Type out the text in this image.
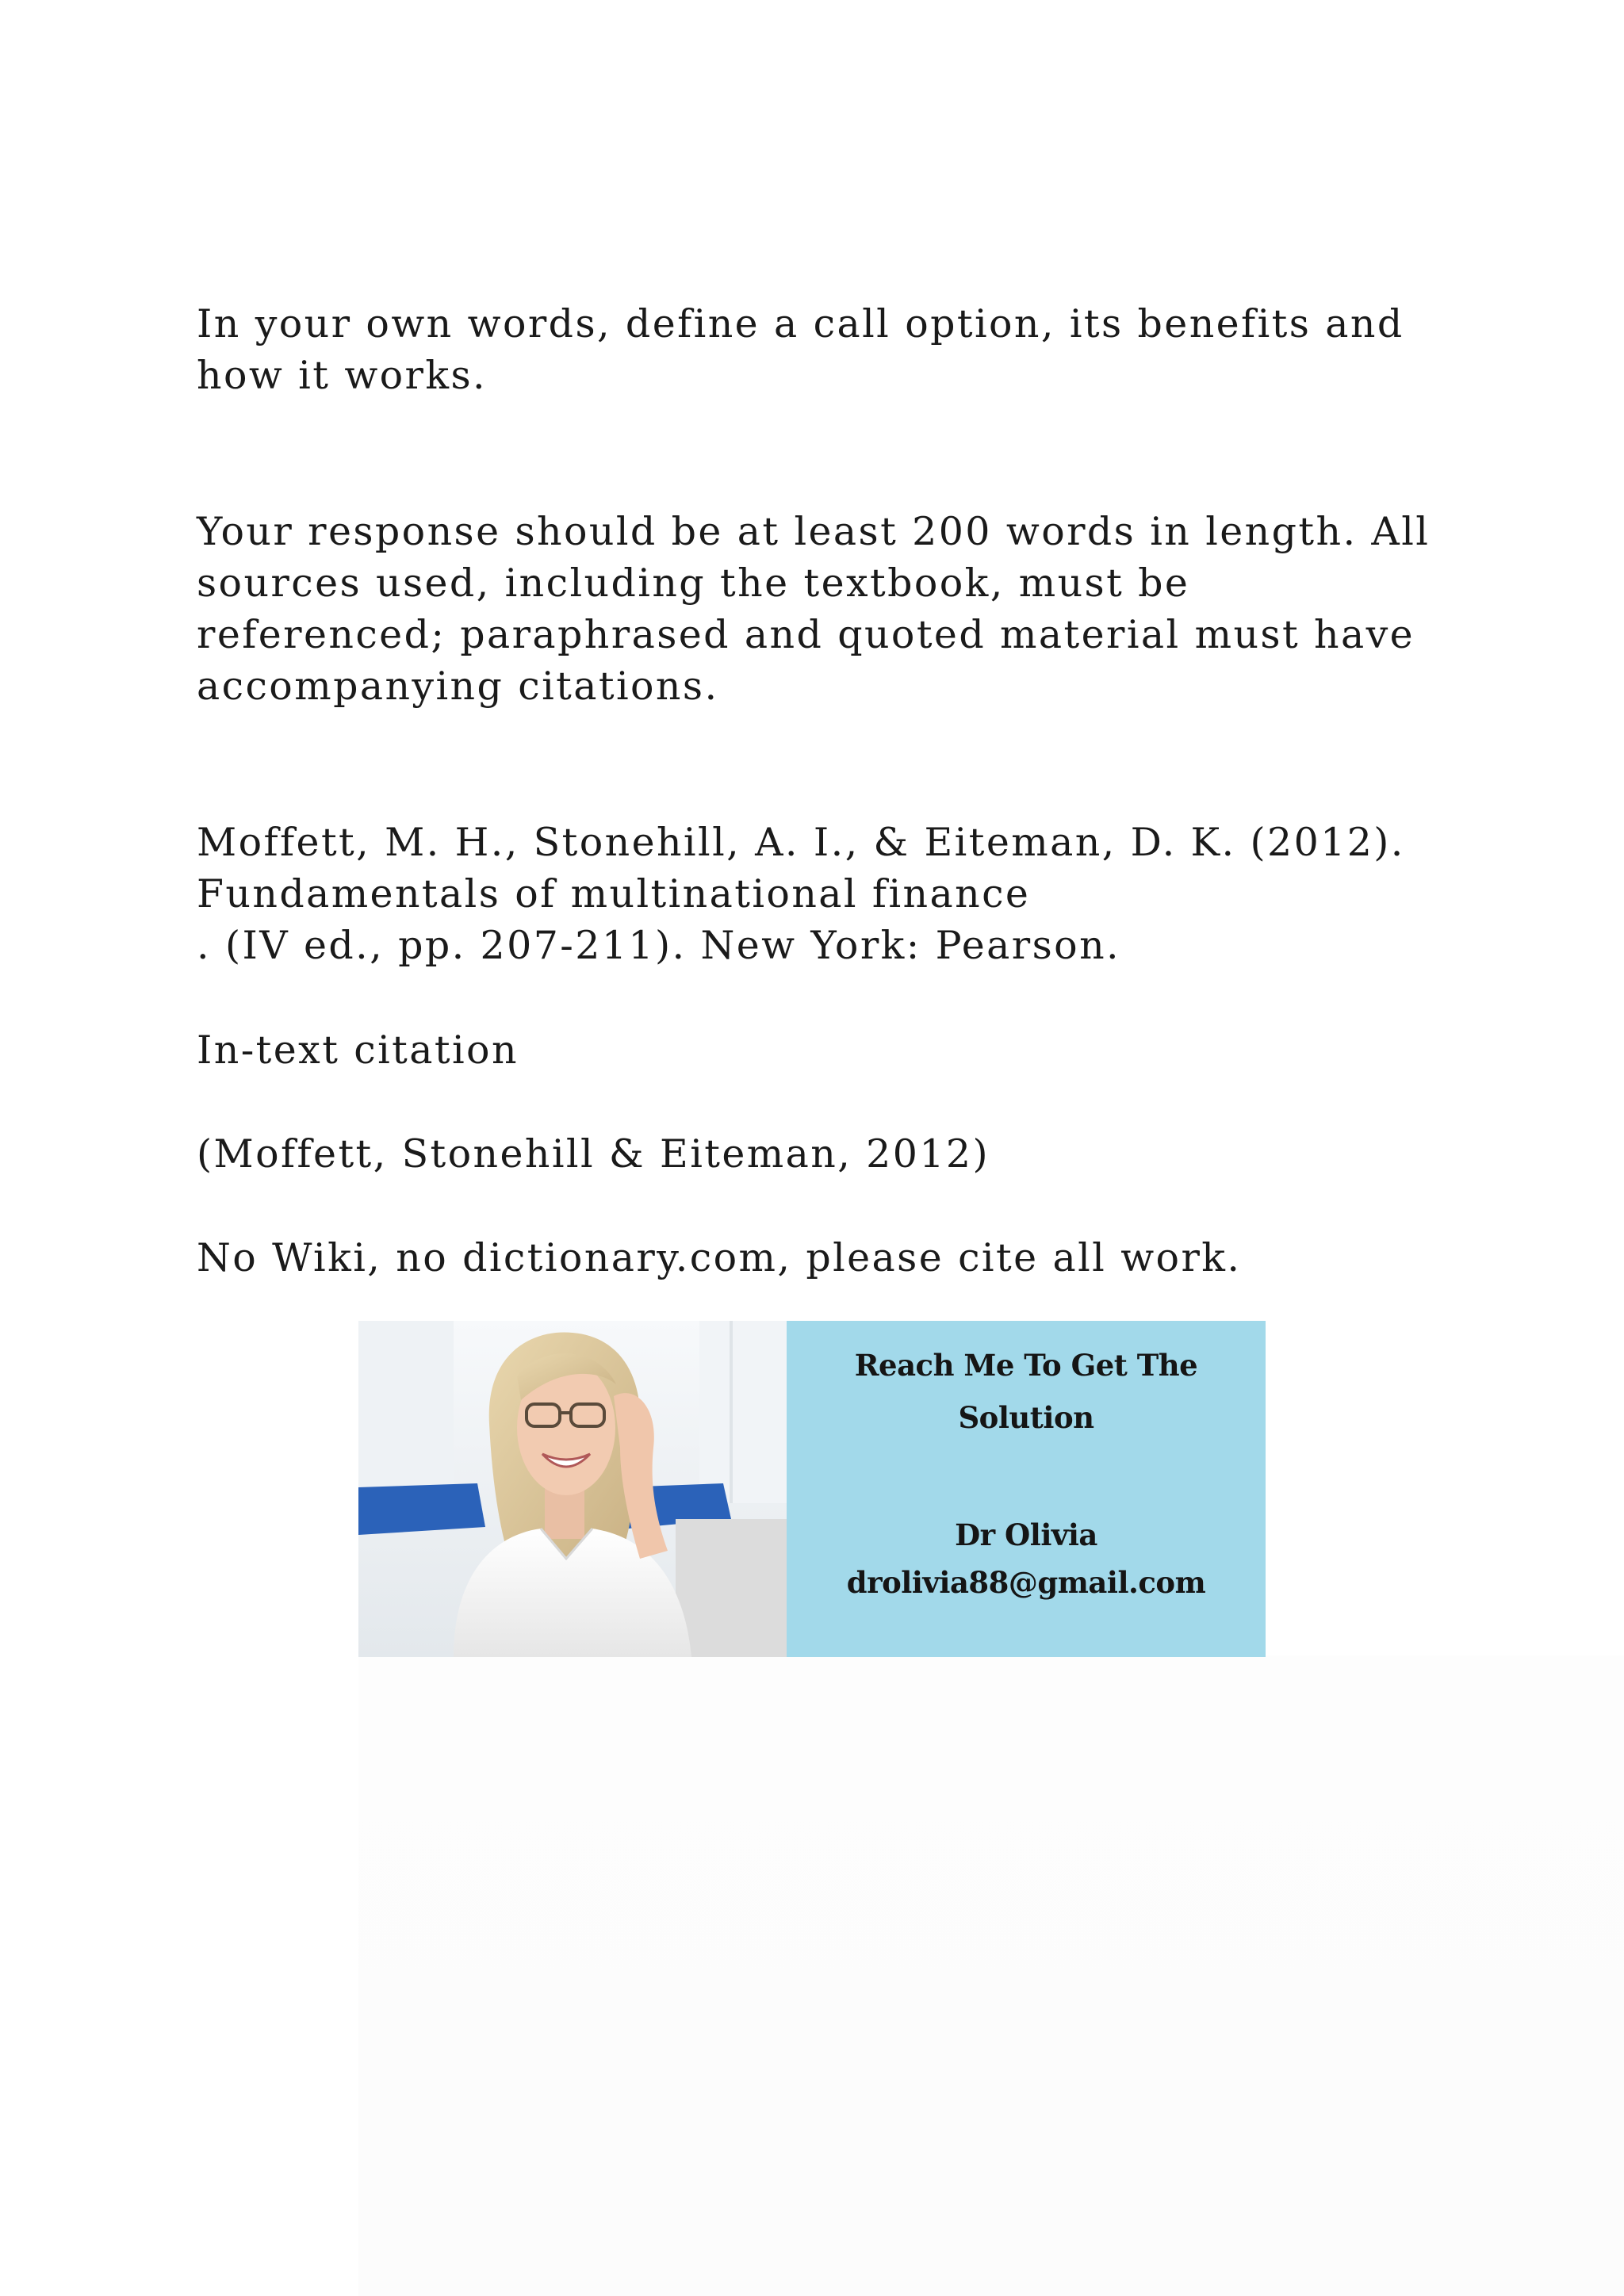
In your own words, define a call option, its benefits and how it works.

Your response should be at least 200 words in length. All sources used, including the textbook, must be referenced; paraphrased and quoted material must have accompanying citations.

Moffett, M. H., Stonehill, A. I., & Eiteman, D. K. (2012).

Fundamentals of multinational finance

. (IV ed., pp. 207-211). New York: Pearson.

In-text citation

(Moffett, Stonehill & Eiteman, 2012)

No Wiki, no dictionary.com, please cite all work.

Reach Me To Get The
Solution
Dr Olivia
drolivia88@gmail.com
